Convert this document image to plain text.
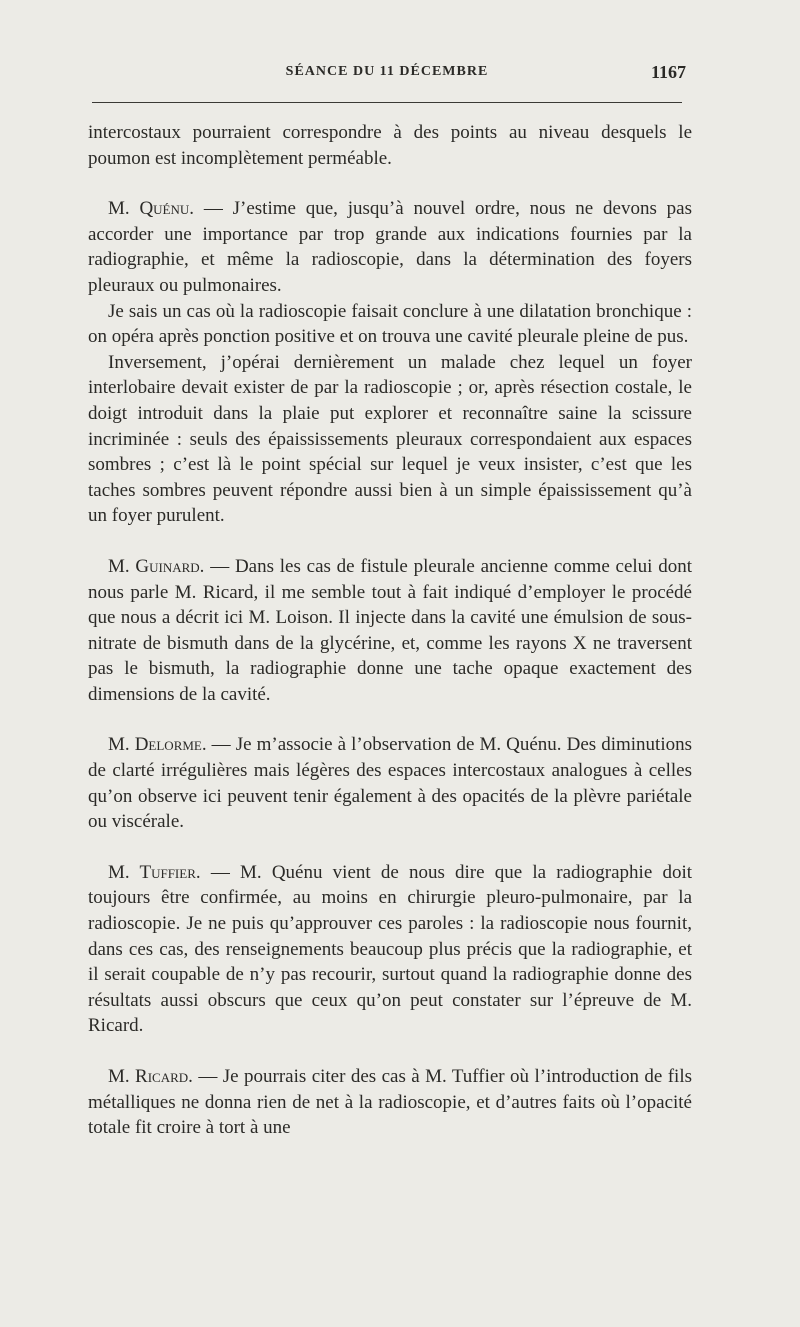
SÉANCE DU 11 DÉCEMBRE	1167

intercostaux pourraient correspondre à des points au niveau desquels le poumon est incomplètement perméable.

M. Quénu. — J’estime que, jusqu’à nouvel ordre, nous ne devons pas accorder une importance par trop grande aux indications fournies par la radiographie, et même la radioscopie, dans la détermination des foyers pleuraux ou pulmonaires.

Je sais un cas où la radioscopie faisait conclure à une dilatation bronchique : on opéra après ponction positive et on trouva une cavité pleurale pleine de pus.

Inversement, j’opérai dernièrement un malade chez lequel un foyer interlobaire devait exister de par la radioscopie ; or, après résection costale, le doigt introduit dans la plaie put explorer et reconnaître saine la scissure incriminée : seuls des épaississements pleuraux correspondaient aux espaces sombres ; c’est là le point spécial sur lequel je veux insister, c’est que les taches sombres peuvent répondre aussi bien à un simple épaississement qu’à un foyer purulent.

M. Guinard. — Dans les cas de fistule pleurale ancienne comme celui dont nous parle M. Ricard, il me semble tout à fait indiqué d’employer le procédé que nous a décrit ici M. Loison. Il injecte dans la cavité une émulsion de sous-nitrate de bismuth dans de la glycérine, et, comme les rayons X ne traversent pas le bismuth, la radiographie donne une tache opaque exactement des dimensions de la cavité.

M. Delorme. — Je m’associe à l’observation de M. Quénu. Des diminutions de clarté irrégulières mais légères des espaces intercostaux analogues à celles qu’on observe ici peuvent tenir également à des opacités de la plèvre pariétale ou viscérale.

M. Tuffier. — M. Quénu vient de nous dire que la radiographie doit toujours être confirmée, au moins en chirurgie pleuro-pulmonaire, par la radioscopie. Je ne puis qu’approuver ces paroles : la radioscopie nous fournit, dans ces cas, des renseignements beaucoup plus précis que la radiographie, et il serait coupable de n’y pas recourir, surtout quand la radiographie donne des résultats aussi obscurs que ceux qu’on peut constater sur l’épreuve de M. Ricard.

M. Ricard. — Je pourrais citer des cas à M. Tuffier où l’introduction de fils métalliques ne donna rien de net à la radioscopie, et d’autres faits où l’opacité totale fit croire à tort à une
